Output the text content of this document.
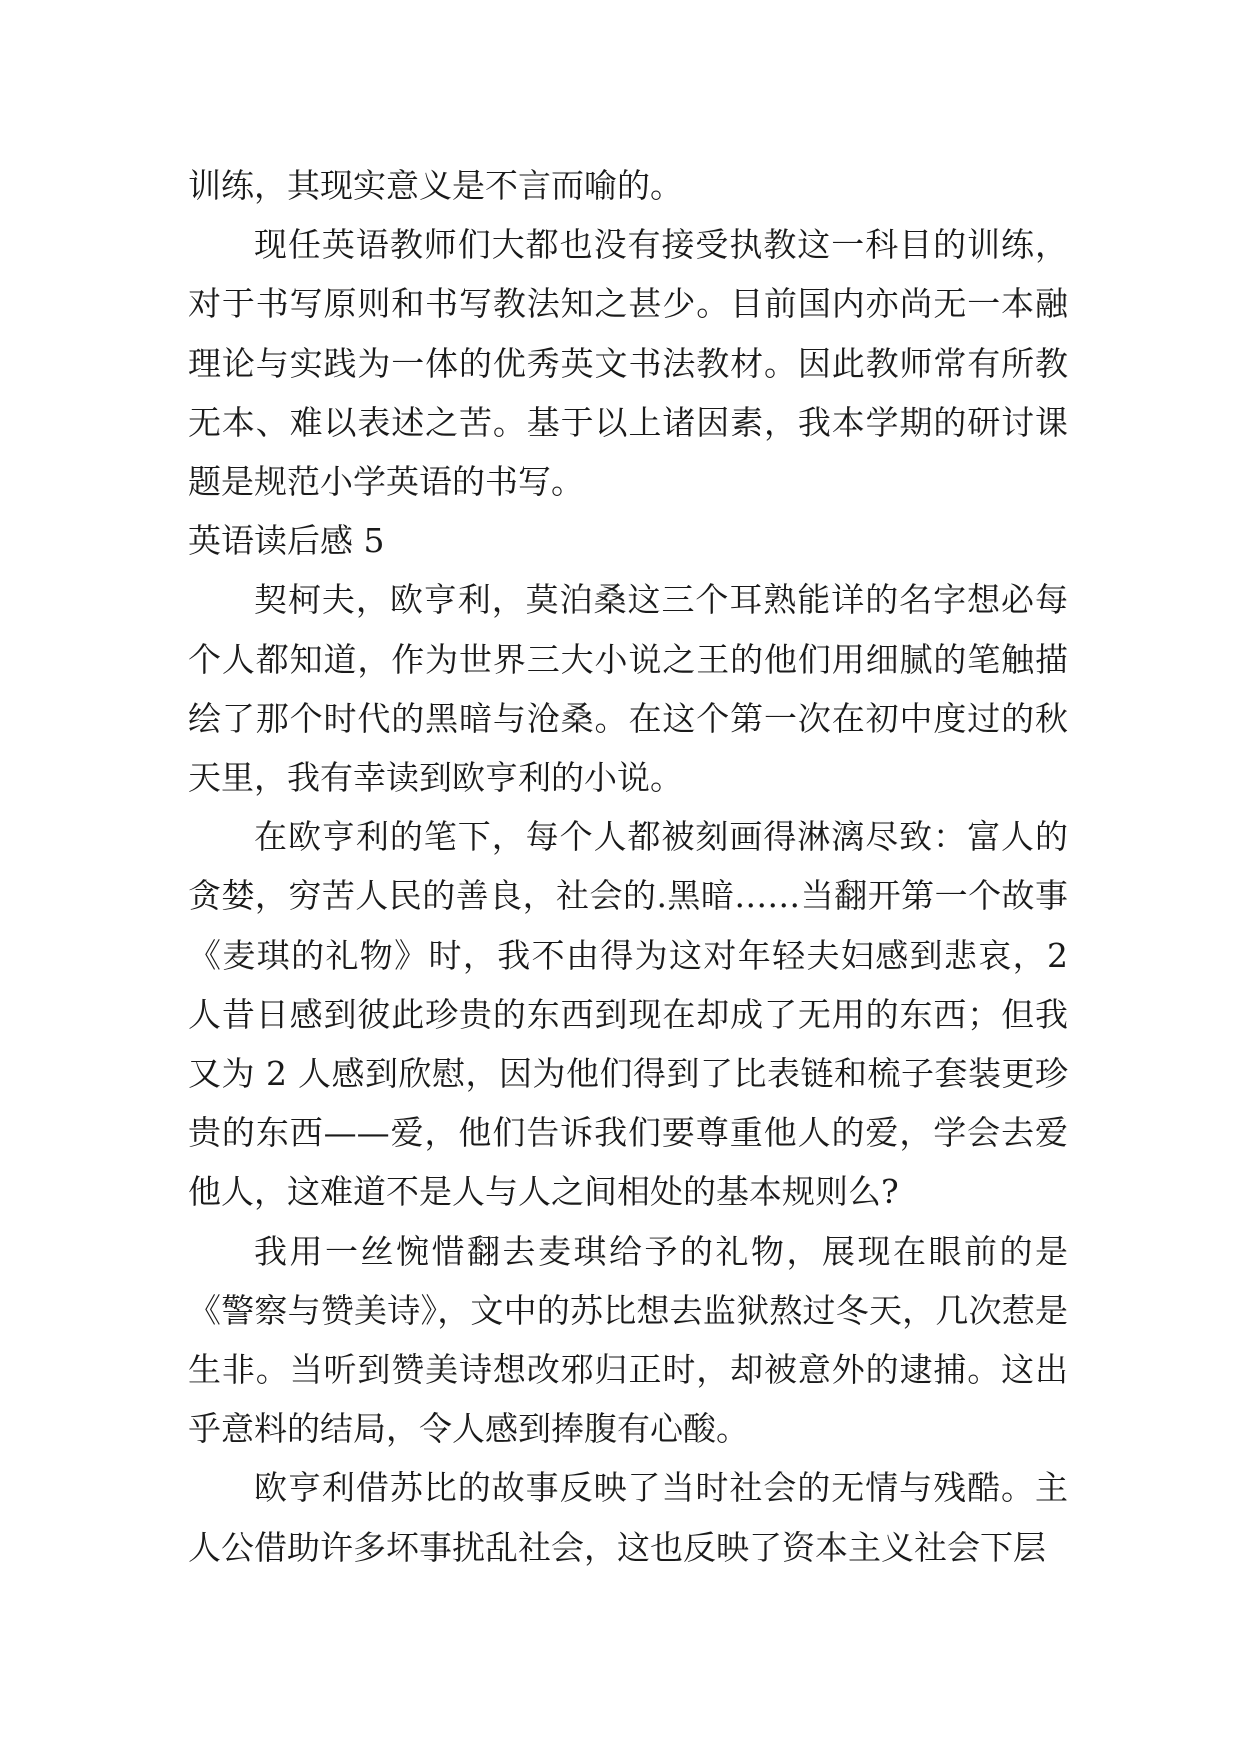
训练，其现实意义是不言而喻的。

现任英语教师们大都也没有接受执教这一科目的训练，对于书写原则和书写教法知之甚少。目前国内亦尚无一本融理论与实践为一体的优秀英文书法教材。因此教师常有所教无本、难以表述之苦。基于以上诸因素，我本学期的研讨课题是规范小学英语的书写。

英语读后感 5

契柯夫，欧亨利，莫泊桑这三个耳熟能详的名字想必每个人都知道，作为世界三大小说之王的他们用细腻的笔触描绘了那个时代的黑暗与沧桑。在这个第一次在初中度过的秋天里，我有幸读到欧亨利的小说。

在欧亨利的笔下，每个人都被刻画得淋漓尽致：富人的贪婪，穷苦人民的善良，社会的.黑暗……当翻开第一个故事《麦琪的礼物》时，我不由得为这对年轻夫妇感到悲哀，2 人昔日感到彼此珍贵的东西到现在却成了无用的东西；但我又为 2 人感到欣慰，因为他们得到了比表链和梳子套装更珍贵的东西——爱，他们告诉我们要尊重他人的爱，学会去爱他人，这难道不是人与人之间相处的基本规则么?

我用一丝惋惜翻去麦琪给予的礼物，展现在眼前的是《警察与赞美诗》，文中的苏比想去监狱熬过冬天，几次惹是生非。当听到赞美诗想改邪归正时，却被意外的逮捕。这出乎意料的结局，令人感到捧腹有心酸。

欧亨利借苏比的故事反映了当时社会的无情与残酷。主人公借助许多坏事扰乱社会，这也反映了资本主义社会下层
